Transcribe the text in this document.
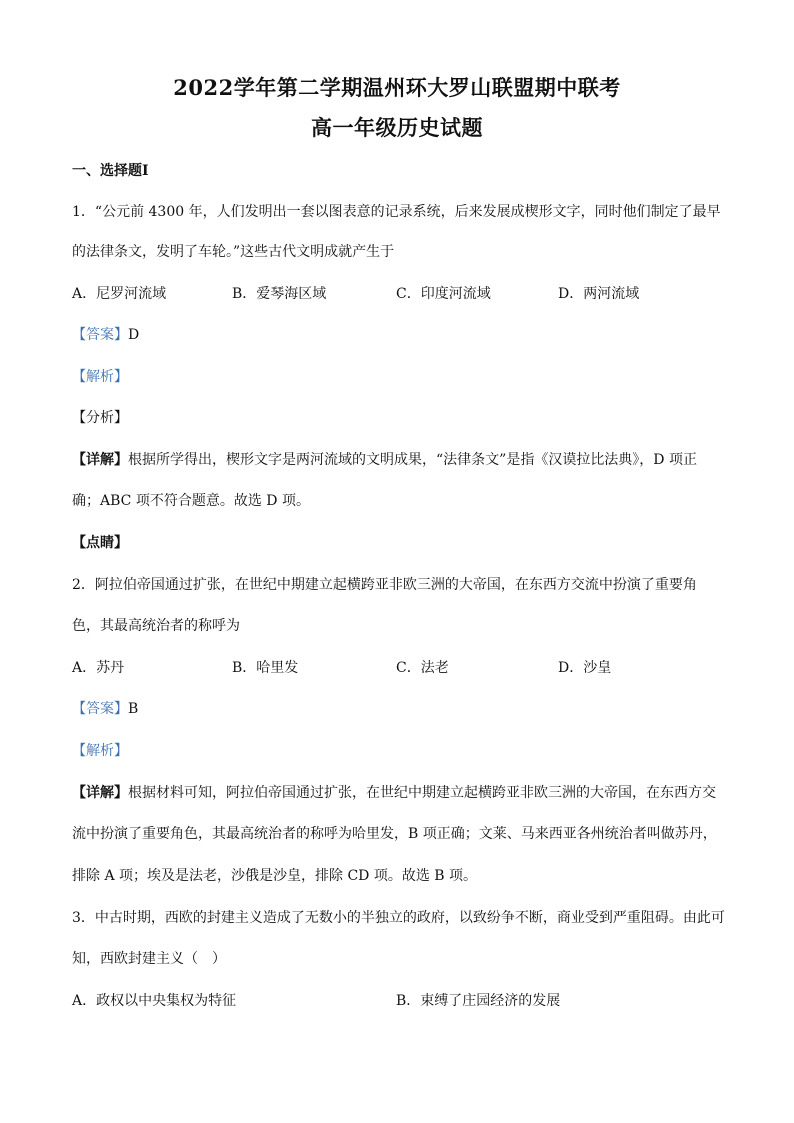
2022学年第二学期温州环大罗山联盟期中联考
高一年级历史试题
一、选择题Ⅰ
1．“公元前 4300 年，人们发明出一套以图表意的记录系统，后来发展成楔形文字，同时他们制定了最早
的法律条文，发明了车轮。”这些古代文明成就产生于
A．尼罗河流域	B．爱琴海区域	C．印度河流域	D．两河流域
【答案】D
【解析】
【分析】
【详解】根据所学得出，楔形文字是两河流域的文明成果，“法律条文”是指《汉谟拉比法典》，D 项正
确；ABC 项不符合题意。故选 D 项。
【点睛】
2．阿拉伯帝国通过扩张，在世纪中期建立起横跨亚非欧三洲的大帝国，在东西方交流中扮演了重要角
色，其最高统治者的称呼为
A．苏丹	B．哈里发	C．法老	D．沙皇
【答案】B
【解析】
【详解】根据材料可知，阿拉伯帝国通过扩张，在世纪中期建立起横跨亚非欧三洲的大帝国，在东西方交
流中扮演了重要角色，其最高统治者的称呼为哈里发，B 项正确；文莱、马来西亚各州统治者叫做苏丹，
排除 A 项；埃及是法老，沙俄是沙皇，排除 CD 项。故选 B 项。
3．中古时期，西欧的封建主义造成了无数小的半独立的政府，以致纷争不断，商业受到严重阻碍。由此可
知，西欧封建主义（　）
A．政权以中央集权为特征	B．束缚了庄园经济的发展
